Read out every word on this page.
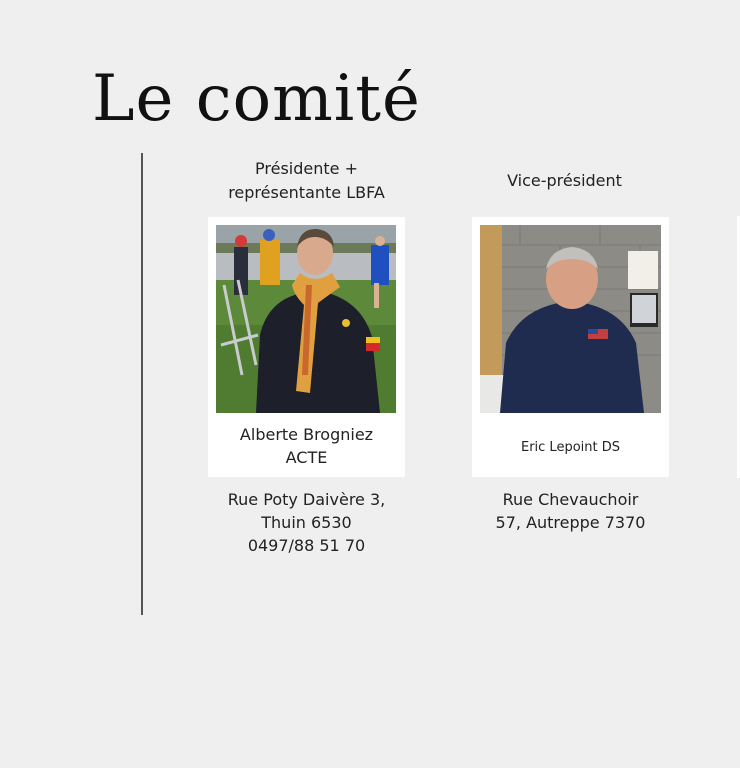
Le comité
Présidente +
représentante LBFA
Alberte Brogniez
ACTE
Rue Poty Daivère 3,
Thuin 6530
0497/88 51 70
Vice-président
Eric Lepoint DS
Rue Chevauchoir
57, Autreppe 7370
